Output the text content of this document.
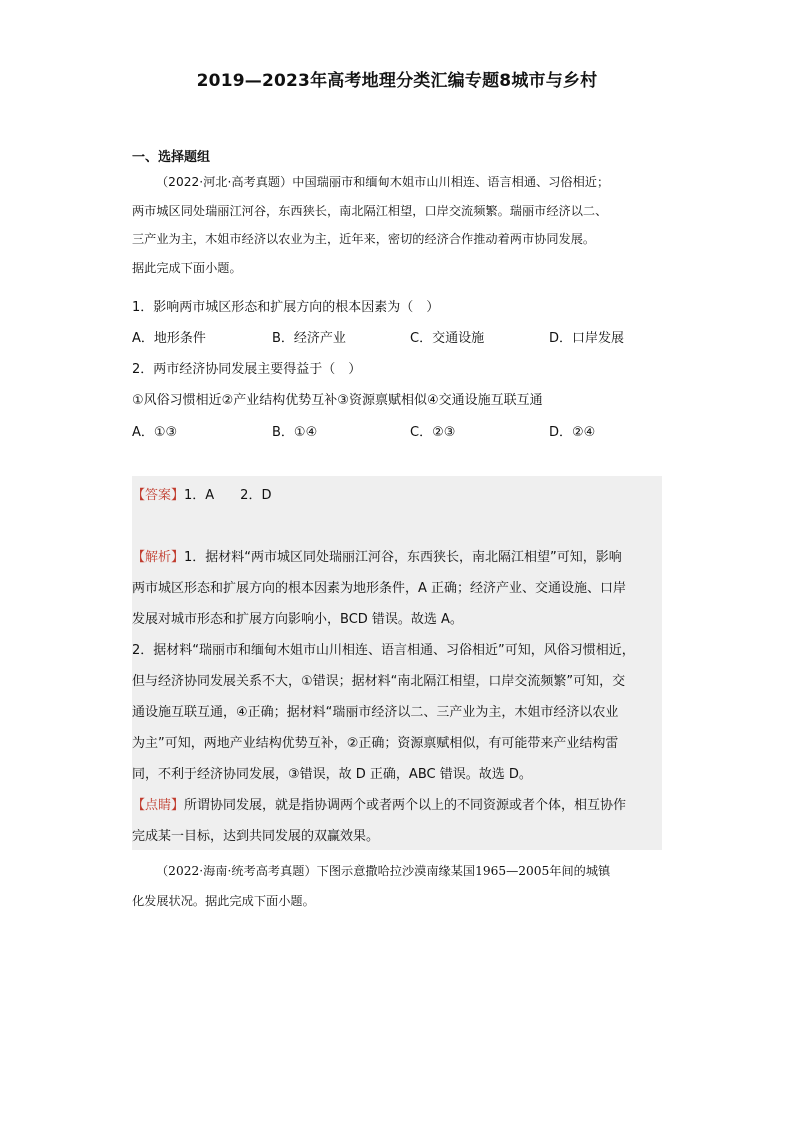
2019—2023年高考地理分类汇编专题8城市与乡村
一、选择题组
（2022·河北·高考真题）中国瑞丽市和缅甸木姐市山川相连、语言相通、习俗相近；
两市城区同处瑞丽江河谷，东西狭长，南北隔江相望，口岸交流频繁。瑞丽市经济以二、
三产业为主，木姐市经济以农业为主，近年来，密切的经济合作推动着两市协同发展。
据此完成下面小题。
1．影响两市城区形态和扩展方向的根本因素为（　）
A．地形条件	B．经济产业	C．交通设施	D．口岸发展
2．两市经济协同发展主要得益于（　）
①风俗习惯相近②产业结构优势互补③资源禀赋相似④交通设施互联互通
A．①③	B．①④	C．②③	D．②④
【答案】1．A　　2．D
【解析】1．据材料“两市城区同处瑞丽江河谷，东西狭长，南北隔江相望”可知，影响
两市城区形态和扩展方向的根本因素为地形条件，A 正确；经济产业、交通设施、口岸
发展对城市形态和扩展方向影响小，BCD 错误。故选 A。
2．据材料“瑞丽市和缅甸木姐市山川相连、语言相通、习俗相近”可知，风俗习惯相近，
但与经济协同发展关系不大，①错误；据材料“南北隔江相望，口岸交流频繁”可知，交
通设施互联互通，④正确；据材料“瑞丽市经济以二、三产业为主，木姐市经济以农业
为主”可知，两地产业结构优势互补，②正确；资源禀赋相似，有可能带来产业结构雷
同，不利于经济协同发展，③错误，故 D 正确，ABC 错误。故选 D。
【点睛】所谓协同发展，就是指协调两个或者两个以上的不同资源或者个体，相互协作
完成某一目标，达到共同发展的双赢效果。
（2022·海南·统考高考真题）下图示意撒哈拉沙漠南缘某国1965—2005年间的城镇
化发展状况。据此完成下面小题。
